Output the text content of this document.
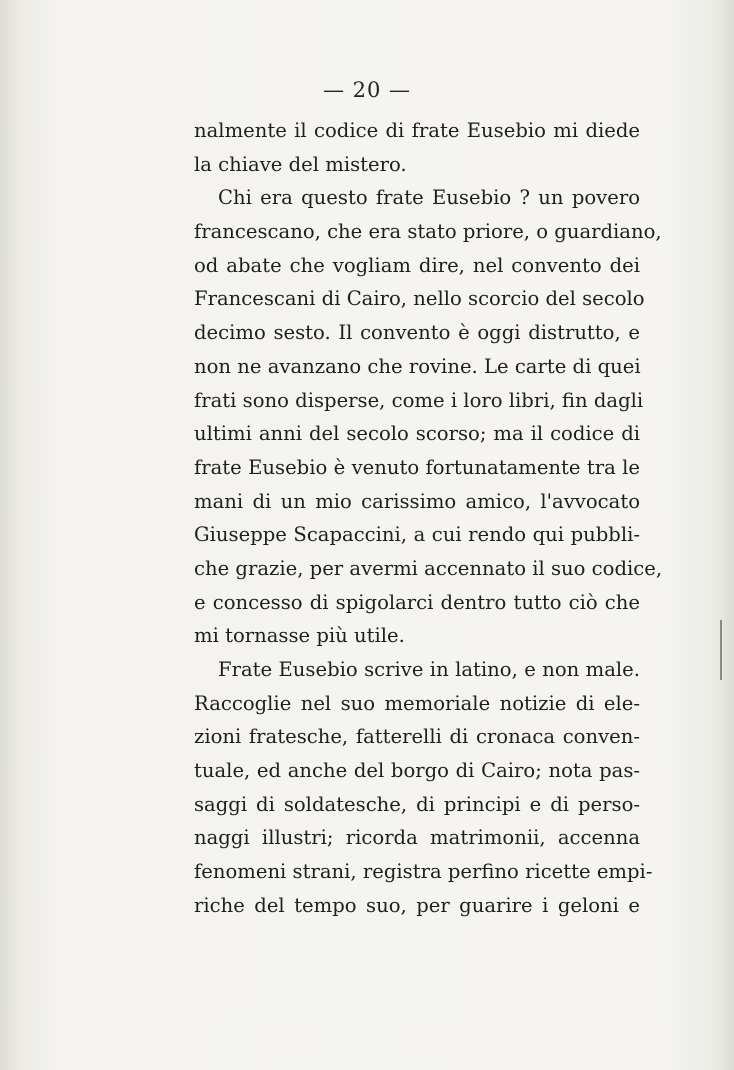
— 20 —
nalmente il codice di frate Eusebio mi diede
la chiave del mistero.
Chi era questo frate Eusebio ? un povero
francescano, che era stato priore, o guardiano,
od abate che vogliam dire, nel convento dei
Francescani di Cairo, nello scorcio del secolo
decimo sesto. Il convento è oggi distrutto, e
non ne avanzano che rovine. Le carte di quei
frati sono disperse, come i loro libri, fin dagli
ultimi anni del secolo scorso; ma il codice di
frate Eusebio è venuto fortunatamente tra le
mani di un mio carissimo amico, l'avvocato
Giuseppe Scapaccini, a cui rendo qui pubbli-
che grazie, per avermi accennato il suo codice,
e concesso di spigolarci dentro tutto ciò che
mi tornasse più utile.
Frate Eusebio scrive in latino, e non male.
Raccoglie nel suo memoriale notizie di ele-
zioni fratesche, fatterelli di cronaca conven-
tuale, ed anche del borgo di Cairo; nota pas-
saggi di soldatesche, di principi e di perso-
naggi illustri; ricorda matrimonii, accenna
fenomeni strani, registra perfino ricette empi-
riche del tempo suo, per guarire i geloni e
